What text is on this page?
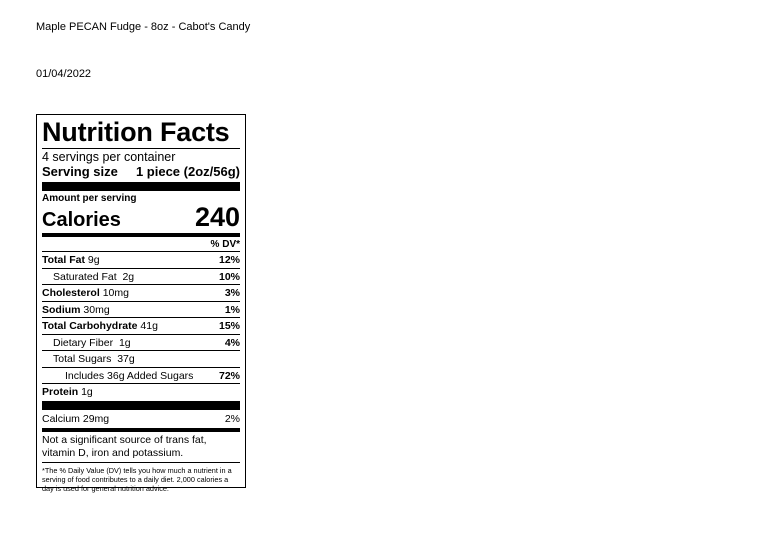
Maple PECAN Fudge - 8oz - Cabot's Candy
01/04/2022
Nutrition Facts
4 servings per container
Serving size 1 piece (2oz/56g)
Amount per serving
Calories	240
% DV*
Total Fat 9g	12%
Saturated Fat 2g	10%
Cholesterol 10mg	3%
Sodium 30mg	1%
Total Carbohydrate 41g	15%
Dietary Fiber 1g	4%
Total Sugars 37g
Includes 36g Added Sugars 72%
Protein 1g
Calcium 29mg	2%
Not a significant source of trans fat, vitamin D, iron and potassium.
*The % Daily Value (DV) tells you how much a nutrient in a serving of food contributes to a daily diet. 2,000 calories a day is used for general nutrition advice.
